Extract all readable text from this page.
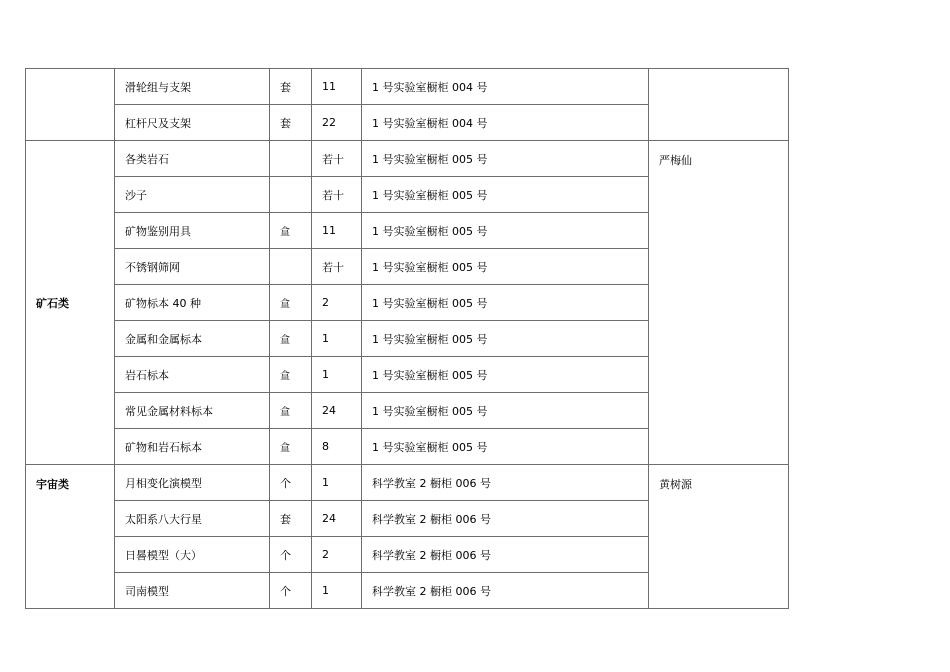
	滑轮组与支架	套	11	1 号实验室橱柜 004 号	
	杠杆尺及支架	套	22	1 号实验室橱柜 004 号	
矿石类	各类岩石		若十	1 号实验室橱柜 005 号	严梅仙
	沙子		若十	1 号实验室橱柜 005 号	
	矿物鉴别用具	盒	11	1 号实验室橱柜 005 号	
	不锈钢筛网		若十	1 号实验室橱柜 005 号	
	矿物标本 40 种	盒	2	1 号实验室橱柜 005 号	
	金属和金属标本	盒	1	1 号实验室橱柜 005 号	
	岩石标本	盒	1	1 号实验室橱柜 005 号	
	常见金属材料标本	盒	24	1 号实验室橱柜 005 号	
	矿物和岩石标本	盒	8	1 号实验室橱柜 005 号	
宇宙类	月相变化演模型	个	1	科学教室 2 橱柜 006 号	黄树源
	太阳系八大行星	套	24	科学教室 2 橱柜 006 号	
	日晷模型（大）	个	2	科学教室 2 橱柜 006 号	
	司南模型	个	1	科学教室 2 橱柜 006 号	
